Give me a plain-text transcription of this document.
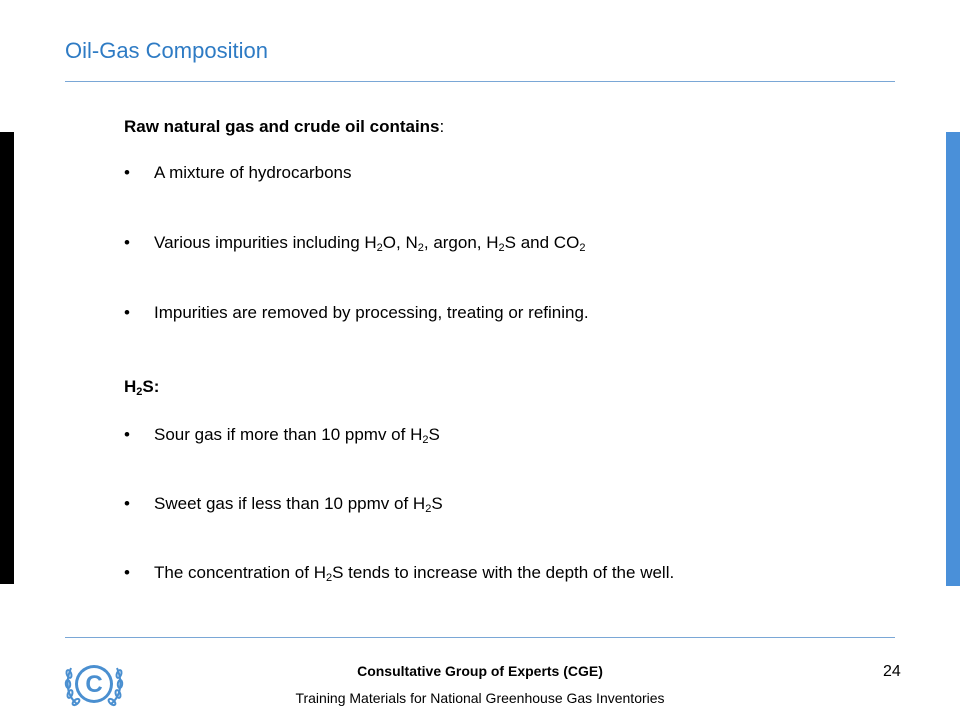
Oil-Gas Composition
Raw natural gas and crude oil contains:
• A mixture of hydrocarbons
• Various impurities including $H_2O$, $N_2$, argon, $H_2S$ and $CO_2$
• Impurities are removed by processing, treating or refining.
$H_2S$:
• Sour gas if more than 10 ppmv of $H_2S$
• Sweet gas if less than 10 ppmv of $H_2S$
• The concentration of $H_2S$ tends to increase with the depth of the well.
C	Consultative Group of Experts (CGE)
Training Materials for National Greenhouse Gas Inventories
24
